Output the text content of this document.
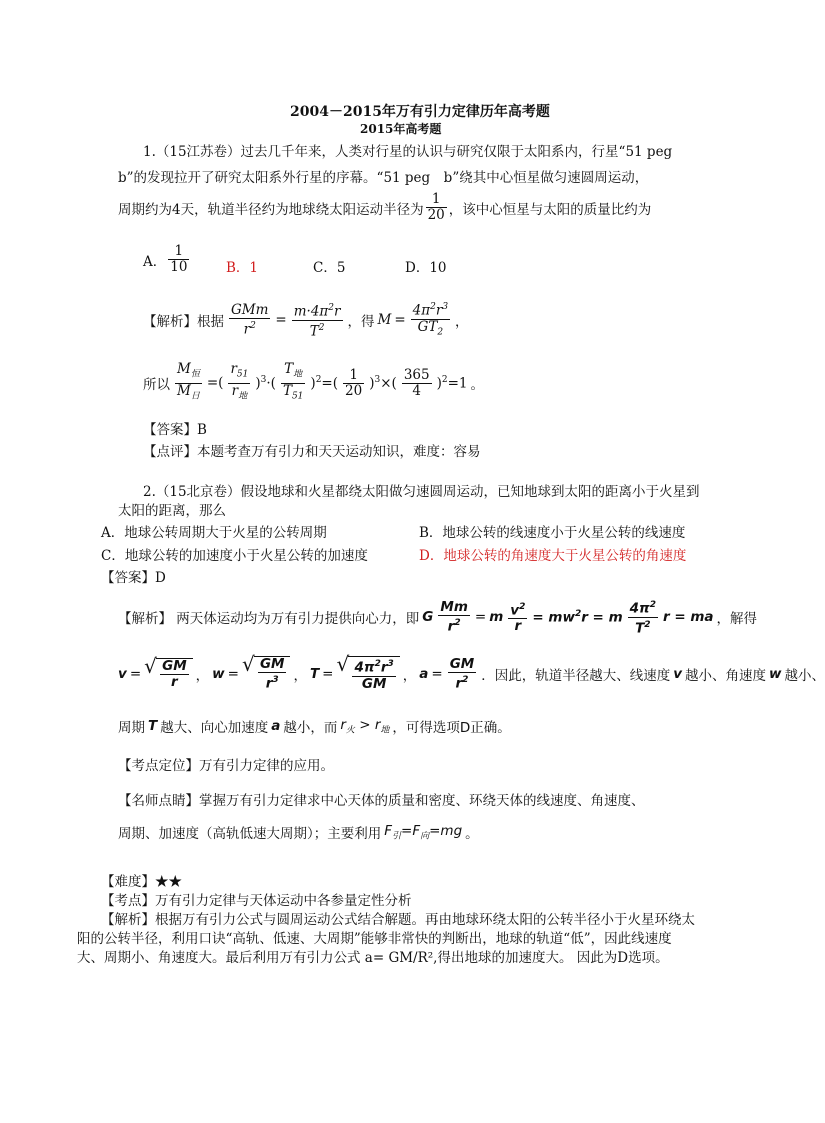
2004－2015年万有引力定律历年高考题
2015年高考题
1.（15江苏卷）过去几千年来，人类对行星的认识与研究仅限于太阳系内，行星“51 peg
b”的发现拉开了研究太阳系外行星的序幕。“51 peg　b”绕其中心恒星做匀速圆周运动，
周期约为4天，轨道半径约为地球绕太阳运动半径为 $\frac{1}{20}$ ，该中心恒星与太阳的质量比约为
A． $\frac{1}{10}$	B．1	C．5	D．10
【解析】根据 $\frac{\text{GMm}}{r^2} = \frac{m\cdot 4\pi^2r}{T^2}$ ，得 $M = \frac{4\pi^2r^3}{GT_2}$ ，
所以 $\frac{M_恒}{M_日}$ =( $\frac{r_{51}}{r_地} )^3\cdot( \frac{T_地}{T_{51}} )^2=( \frac{1}{20} )^3\times( \frac{365}{4} )^2=1$ 。
【答案】B
【点评】本题考查万有引力和天天运动知识，难度：容易
2.（15北京卷）假设地球和火星都绕太阳做匀速圆周运动，已知地球到太阳的距离小于火星到
太阳的距离，那么
A．地球公转周期大于火星的公转周期	B．地球公转的线速度小于火星公转的线速度
C．地球公转的加速度小于火星公转的加速度	D．地球公转的角速度大于火星公转的角速度
【答案】D
【解析】 两天体运动均为万有引力提供向心力，即 G $\frac{Mm}{r^2} = m \frac{v^2}{r} = mw^2r = m \frac{4\pi^2}{T^2}$ r = ma ，解得
v = √ $\frac{GM}{r}$ ， w = √ $\frac{GM}{r^3}$ ， T = √ $\frac{4\pi^2r^3}{GM}$ ， $a = \frac{GM}{r^2}$ ．因此，轨道半径越大、线速度 v 越小、角速度 w 越小、
周期 T 越大、向心加速度 a 越小，而 $r_火 > r_地$ ，可得选项D正确。
【考点定位】万有引力定律的应用。
【名师点睛】掌握万有引力定律求中心天体的质量和密度、环绕天体的线速度、角速度、
周期、加速度（高轨低速大周期）；主要利用 $F_引=F_向=mg$ 。
【难度】★★
【考点】万有引力定律与天体运动中各参量定性分析
【解析】根据万有引力公式与圆周运动公式结合解题。再由地球环绕太阳的公转半径小于火星环绕太
阳的公转半径，利用口诀“高轨、低速、大周期”能够非常快的判断出，地球的轨道“低”，因此线速度
大、周期小、角速度大。最后利用万有引力公式 a= GM/R²,得出地球的加速度大。 因此为D选项。
